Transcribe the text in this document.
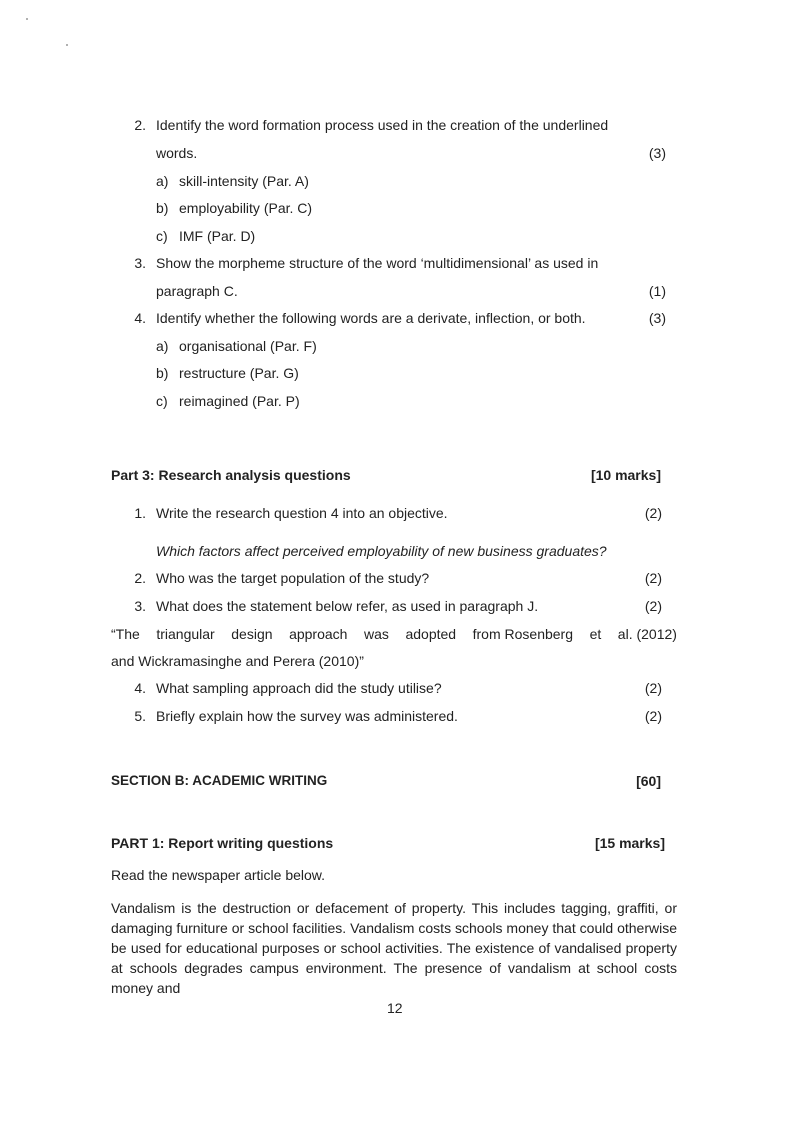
2. Identify the word formation process used in the creation of the underlined
words.	(3)
a) skill-intensity (Par. A)
b) employability (Par. C)
c) IMF (Par. D)
3. Show the morpheme structure of the word ‘multidimensional’ as used in
paragraph C.	(1)
4. Identify whether the following words are a derivate, inflection, or both.	(3)
a) organisational (Par. F)
b) restructure (Par. G)
c) reimagined (Par. P)
Part 3: Research analysis questions	[10 marks]
1. Write the research question 4 into an objective.	(2)
Which factors affect perceived employability of new business graduates?
2. Who was the target population of the study?	(2)
3. What does the statement below refer, as used in paragraph J.	(2)
“The triangular design approach was adopted from Rosenberg et al. (2012)
and Wickramasinghe and Perera (2010)”
4. What sampling approach did the study utilise?	(2)
5. Briefly explain how the survey was administered.	(2)
SECTION B: ACADEMIC WRITING	[60]
PART 1: Report writing questions	[15 marks]
Read the newspaper article below.
Vandalism is the destruction or defacement of property. This includes tagging, graffiti, or damaging furniture or school facilities. Vandalism costs schools money that could otherwise be used for educational purposes or school activities. The existence of vandalised property at schools degrades campus environment. The presence of vandalism at school costs money and
12
